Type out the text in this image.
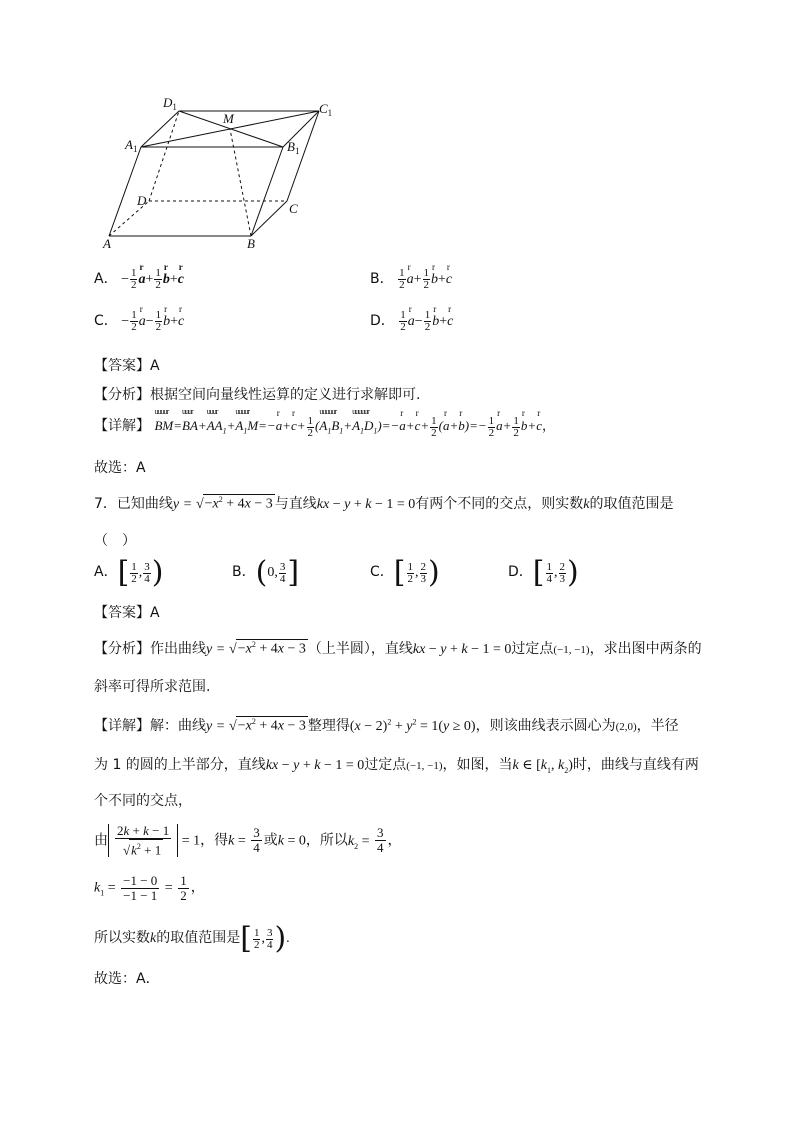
$D_1$
M
$C_1$
$A_1$	$B_1$
D
C
A	B
A． − $\frac{1}{2}$ r $a+ \frac{1}{2}$ r b+r c	B． $\frac{1}{2}$ r $a+ \frac{1}{2}$ r b+r c
C． − $\frac{1}{2}$ r $a- \frac{1}{2}$ r b+r c	D． $\frac{1}{2}$ r $a- \frac{1}{2}$ r b+r c
【答案】A
【分析】根据空间向量线性运算的定义进行求解即可.
【详解】 BM
uuuur
=BA
uuur
$+AA_1$
uuur
$+A_1M$
uuuur
=−r a+r $c+ \frac{1}{2} (A_1B_1$
uuuuur
$+A_1D_1$
uuuuur
)=−r a+r $c+ \frac{1}{2} (r$ a+r $b)=- \frac{1}{2}$ r $a+ \frac{1}{2}$ r b+r c，
故选：A
7．已知曲线$y = √-x^2 + 4x - 3$ 与直线kx − y + k − 1 = 0有两个不同的交点，则实数k的取值范围是
（　）
A．[ $\frac{1}{2}$ , $\frac{3}{4}$ )	B．(0, $\frac{3}{4}$ ]	C．[ $\frac{1}{2}$ , $\frac{2}{3}$ )	D．[ $\frac{1}{4}$ , $\frac{2}{3}$ )
【答案】A
【分析】作出曲线$y = √-x^2 + 4x - 3$ （上半圆），直线kx − y + k − 1 = 0过定点(−1, −1)，求出图中两条的
斜率可得所求范围.
【详解】解：曲线$y = √-x^2 + 4x - 3$ 整理得$(x - 2)^2 + y^2 = 1(y \ge 0)$，则该曲线表示圆心为(2,0)，半径
为 1 的圆的上半部分，直线kx − y + k − 1 = 0过定点(−1, −1)，如图，当k ∈ [$k_1$, $k_2$)时，曲线与直线有两
个不同的交点，
由 $\frac{2k + k - 1}{√k^2 + 1} = 1$，得$k = \frac{3}{4}$ 或k = 0，所以$k_2 = \frac{3}{4}$ ，
$k_1 = \frac{-1 - 0}{-1 - 1} = \frac{1}{2}$ ，
所以实数k的取值范围是[ $\frac{1}{2}$ , $\frac{3}{4}$ ).
故选：A．
